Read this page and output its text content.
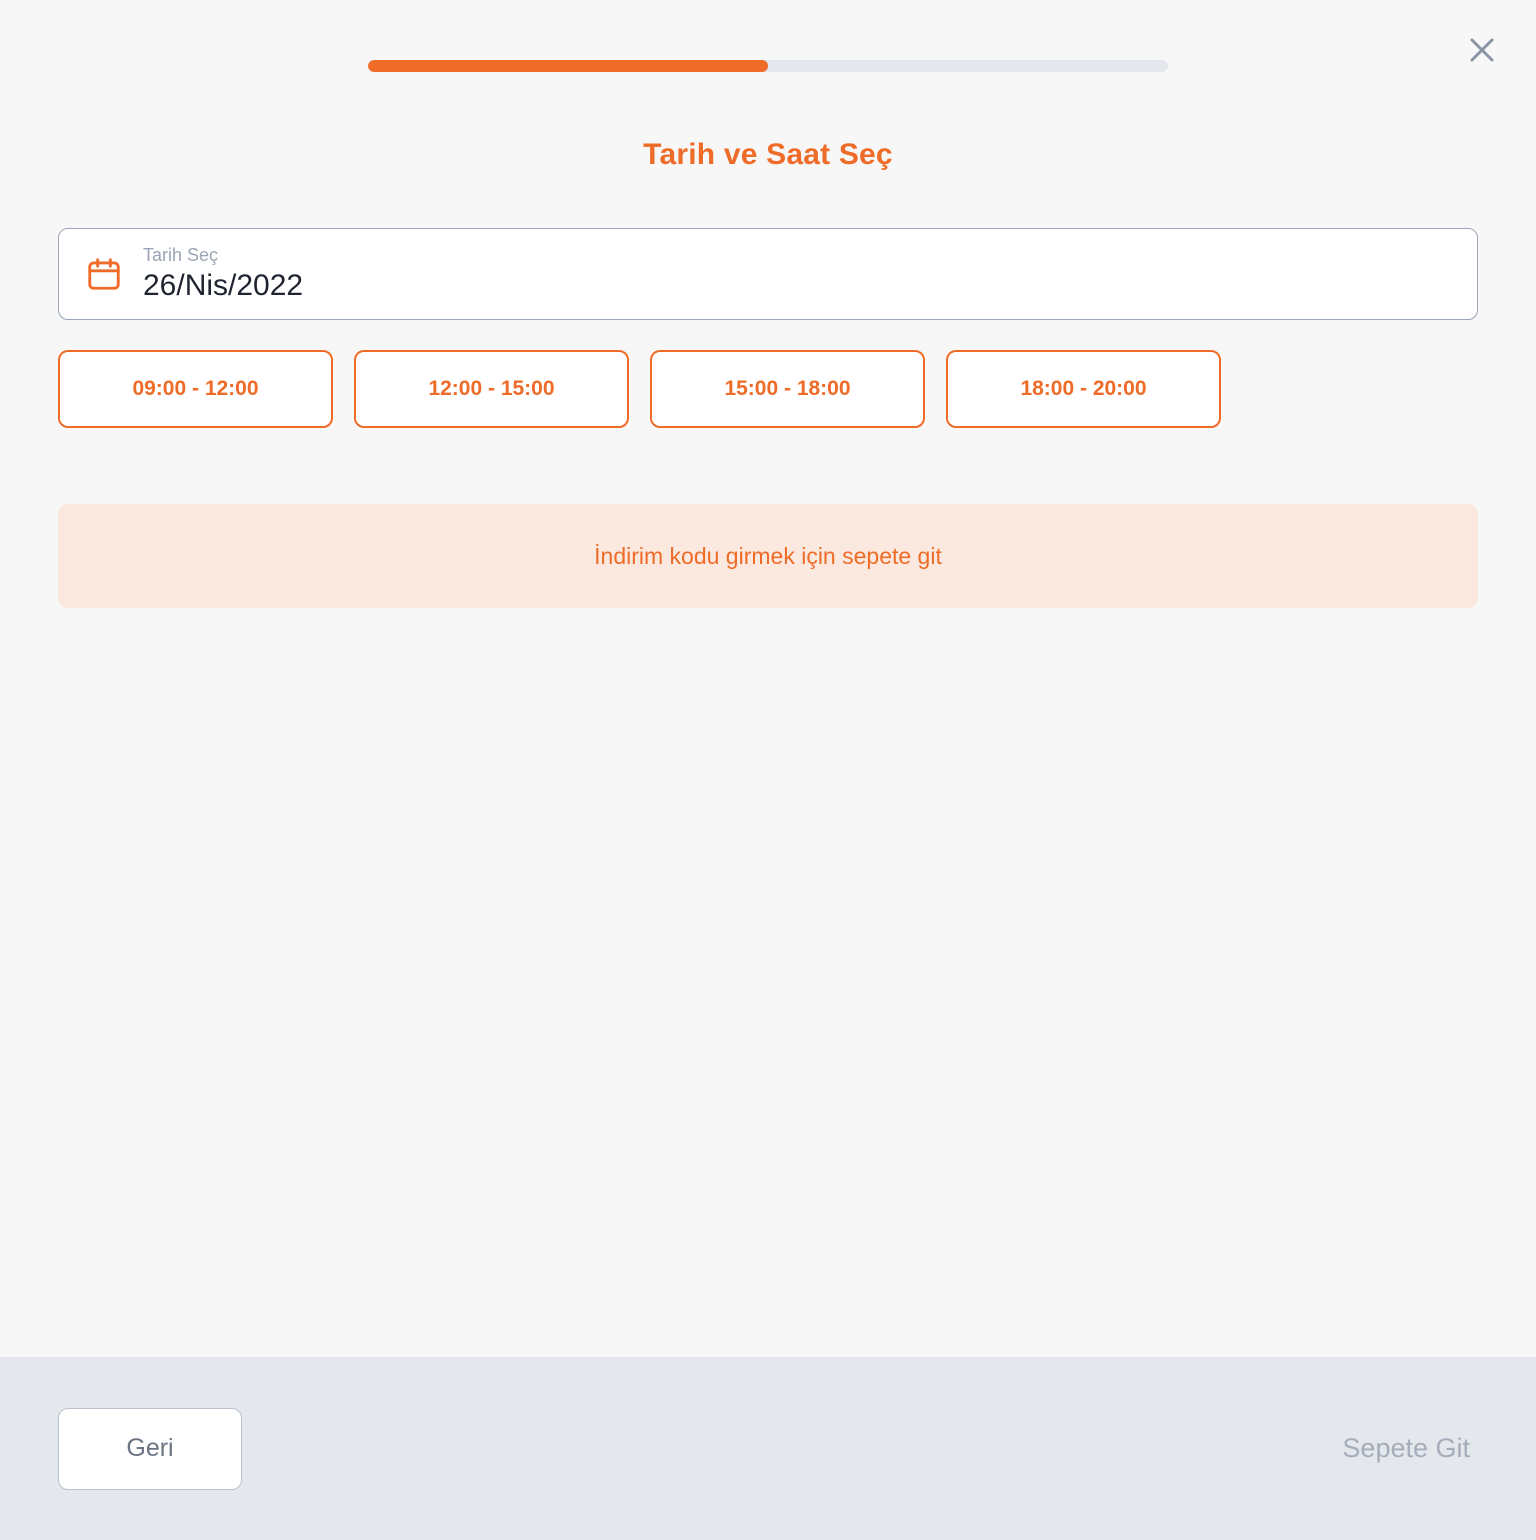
Tarih ve Saat Seç
Tarih Seç
26/Nis/2022
09:00 - 12:00	12:00 - 15:00	15:00 - 18:00	18:00 - 20:00
İndirim kodu girmek için sepete git
Geri	Sepete Git
